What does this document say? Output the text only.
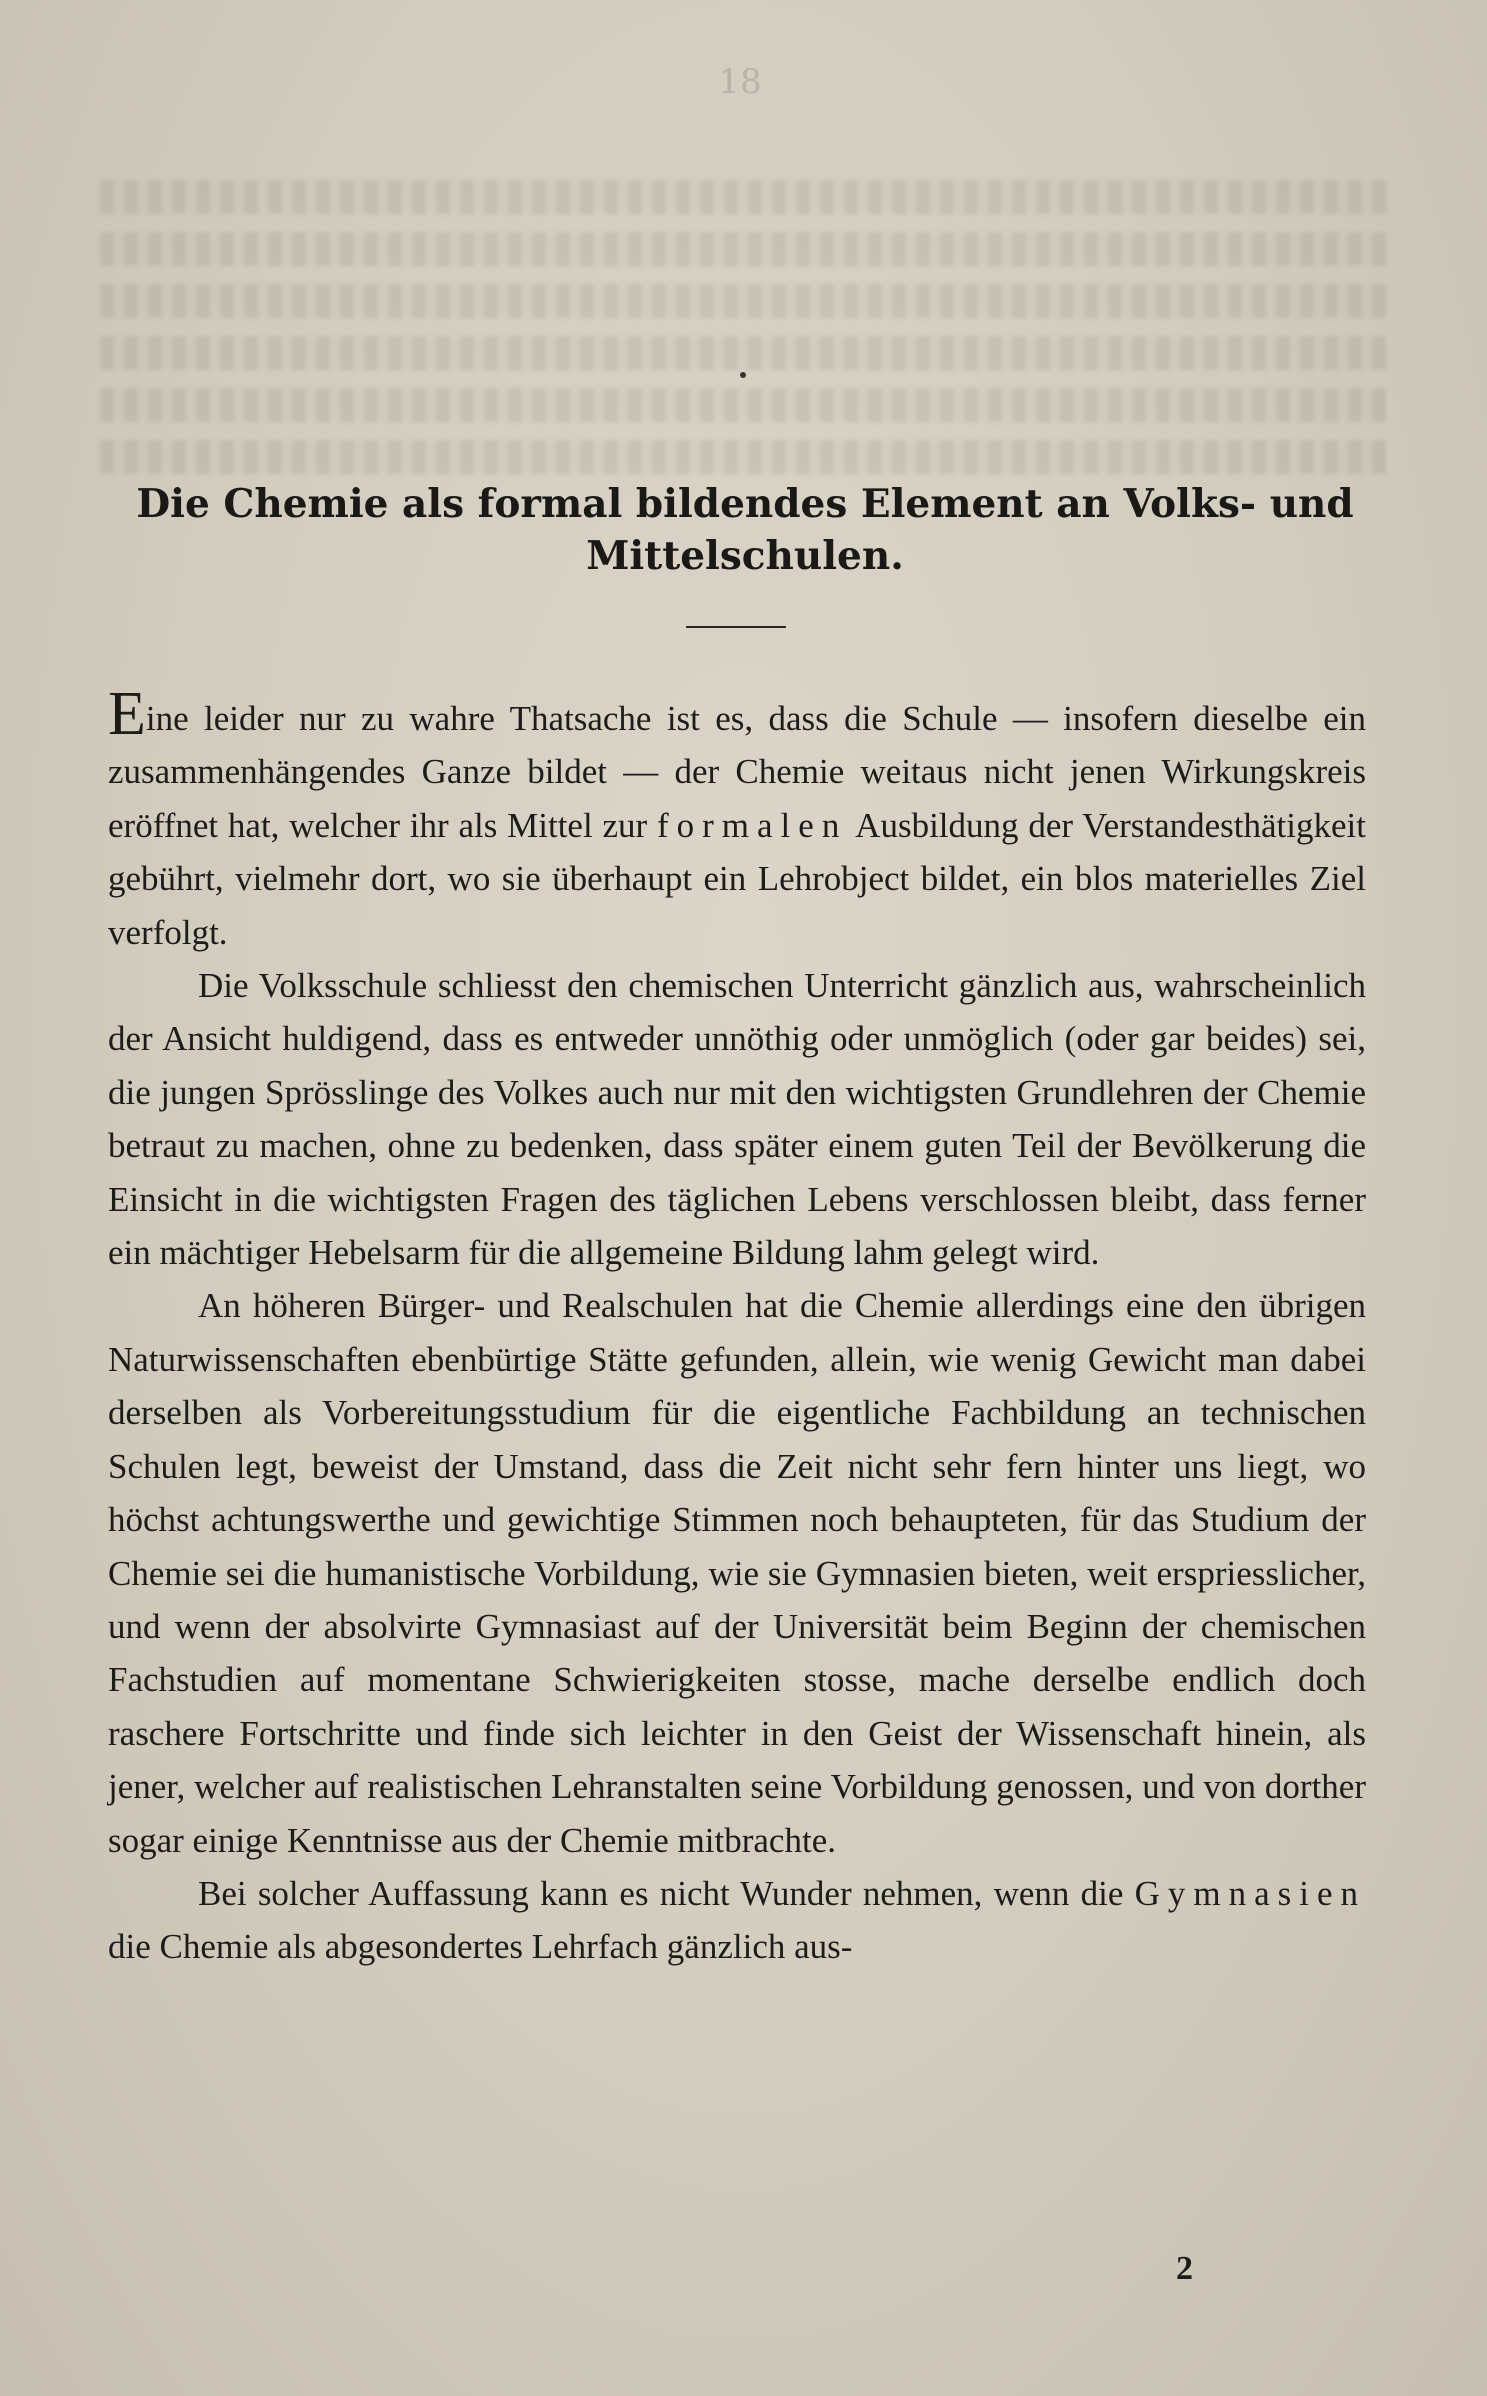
18
Die Chemie als formal bildendes Element an Volks- und
Mittelschulen.

Eine leider nur zu wahre Thatsache ist es, dass die Schule — insofern dieselbe ein zusammenhängendes Ganze bildet — der Chemie weitaus nicht jenen Wirkungskreis eröffnet hat, welcher ihr als Mittel zur formalen Ausbildung der Verstandesthätigkeit gebührt, vielmehr dort, wo sie überhaupt ein Lehrobject bildet, ein blos materielles Ziel verfolgt.

Die Volksschule schliesst den chemischen Unterricht gänzlich aus, wahrscheinlich der Ansicht huldigend, dass es entweder unnöthig oder unmöglich (oder gar beides) sei, die jungen Sprösslinge des Volkes auch nur mit den wichtigsten Grundlehren der Chemie betraut zu machen, ohne zu bedenken, dass später einem guten Teil der Bevölkerung die Einsicht in die wichtigsten Fragen des täglichen Lebens verschlossen bleibt, dass ferner ein mächtiger Hebelsarm für die allgemeine Bildung lahm gelegt wird.

An höheren Bürger- und Realschulen hat die Chemie allerdings eine den übrigen Naturwissenschaften ebenbürtige Stätte gefunden, allein, wie wenig Gewicht man dabei derselben als Vorbereitungsstudium für die eigentliche Fachbildung an technischen Schulen legt, beweist der Umstand, dass die Zeit nicht sehr fern hinter uns liegt, wo höchst achtungswerthe und gewichtige Stimmen noch behaupteten, für das Studium der Chemie sei die humanistische Vorbildung, wie sie Gymnasien bieten, weit erspriesslicher, und wenn der absolvirte Gymnasiast auf der Universität beim Beginn der chemischen Fachstudien auf momentane Schwierigkeiten stosse, mache derselbe endlich doch raschere Fortschritte und finde sich leichter in den Geist der Wissenschaft hinein, als jener, welcher auf realistischen Lehranstalten seine Vorbildung genossen, und von dorther sogar einige Kenntnisse aus der Chemie mitbrachte.

Bei solcher Auffassung kann es nicht Wunder nehmen, wenn die Gymnasien die Chemie als abgesondertes Lehrfach gänzlich aus-

2
